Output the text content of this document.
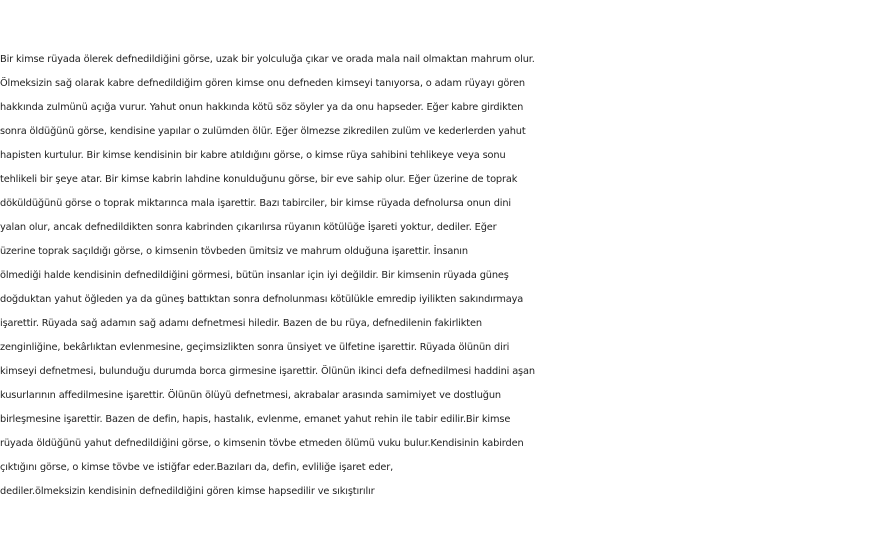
Bir kimse rüyada ölerek defnedildiğini görse, uzak bir yolculuğa çıkar ve orada mala nail olmaktan mahrum olur.
Ölmeksizin sağ olarak kabre defnedildiğim gören kimse onu defneden kimseyi tanıyorsa, o adam rüyayı gören
hakkında zulmünü açığa vurur. Yahut onun hakkında kötü söz söyler ya da onu hapseder. Eğer kabre girdikten
sonra öldüğünü görse, kendisine yapılar o zulümden ölür. Eğer ölmezse zikredilen zulüm ve kederlerden yahut
hapisten kurtulur. Bir kimse kendisinin bir kabre atıldığını görse, o kimse rüya sahibini tehlikeye veya sonu
tehlikeli bir şeye atar. Bir kimse kabrin lahdine konulduğunu görse, bir eve sahip olur. Eğer üzerine de toprak
döküldüğünü görse o toprak miktarınca mala işarettir. Bazı tabirciler, bir kimse rüyada defnolursa onun dini
yalan olur, ancak defnedildikten sonra kabrinden çıkarılırsa rüyanın kötülüğe İşareti yoktur, dediler. Eğer
üzerine toprak saçıldığı görse, o kimsenin tövbeden ümitsiz ve mahrum olduğuna işarettir. İnsanın
ölmediği halde kendisinin defnedildiğini görmesi, bütün insanlar için iyi değildir. Bir kimsenin rüyada güneş
doğduktan yahut öğleden ya da güneş battıktan sonra defnolunması kötülükle emredip iyilikten sakındırmaya
işarettir. Rüyada sağ adamın sağ adamı defnetmesi hiledir. Bazen de bu rüya, defnedilenin fakirlikten
zenginliğine, bekârlıktan evlenmesine, geçimsizlikten sonra ünsiyet ve ülfetine işarettir. Rüyada ölünün diri
kimseyi defnetmesi, bulunduğu durumda borca girmesine işarettir. Ölünün ikinci defa defnedilmesi haddini aşan
kusurlarının affedilmesine işarettir. Ölünün ölüyü defnetmesi, akrabalar arasında samimiyet ve dostluğun
birleşmesine işarettir. Bazen de defin, hapis, hastalık, evlenme, emanet yahut rehin ile tabir edilir.Bir kimse
rüyada öldüğünü yahut defnedildiğini görse, o kimsenin tövbe etmeden ölümü vuku bulur.Kendisinin kabirden
çıktığını görse, o kimse tövbe ve istiğfar eder.Bazıları da, defin, evliliğe işaret eder,
dediler.ölmeksizin kendisinin defnedildiğini gören kimse hapsedilir ve sıkıştırılır
